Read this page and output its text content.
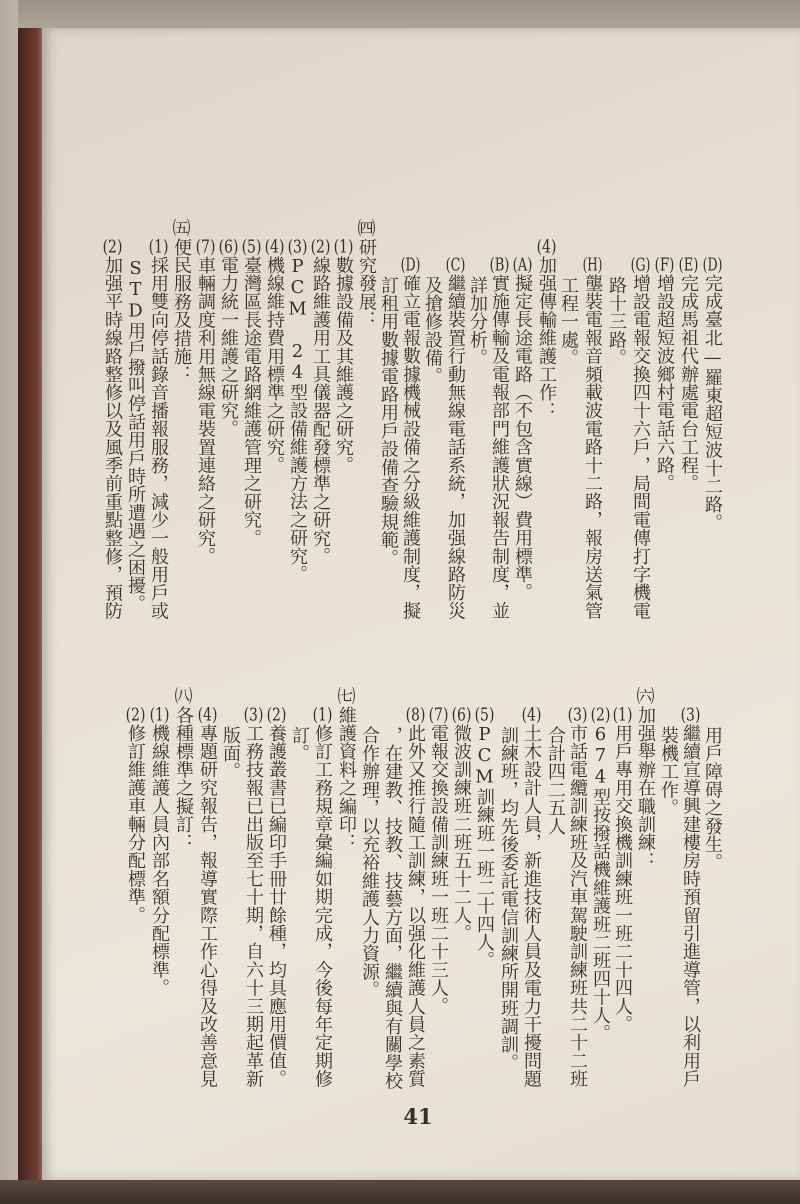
(D)完成臺北—羅東超短波十二路。
(E)完成馬祖代辦處電台工程。
(F)增設超短波鄉村電話六路。
(G)增設電報交換四十六戶，局間電傳打字機電
路十三路。
(H)壟裝電報音頻載波電路十二路，報房送氣管
工程一處。
(4)加强傳輸維護工作：
(A)擬定長途電路（不包含實線）費用標準。
(B)實施傳輸及電報部門維護狀況報告制度，並
詳加分析。
(C)繼續裝置行動無線電話系統，加强線路防災
及搶修設備。
(D)確立電報數據機械設備之分級維護制度，擬
訂租用數據電路用戶設備查驗規範。
㈣研究發展：
(1)數據設備及其維護之研究。
(2)線路維護用工具儀器配發標準之研究。
(3)PCM 24型設備維護方法之研究。
(4)機線維持費用標準之研究。
(5)臺灣區長途電路網維護管理之研究。
(6)電力統一維護之研究。
(7)車輛調度利用無線電裝置連絡之研究。
㈤便民服務及措施：
(1)採用雙向停話錄音播報服務，減少一般用戶或
STD用戶撥叫停話用戶時所遭遇之困擾。
(2)加强平時線路整修以及風季前重點整修，預防
用戶障碍之發生。
(3)繼續宣導興建樓房時預留引進導管，以利用戶
裝機工作。
㈥加强舉辦在職訓練：
(1)用戶專用交換機訓練班一班二十四人。
(2)674型按撥話機維護班二班四十人。
(3)市話電纜訓練班及汽車駕駛訓練班共二十二班
合計四二五人
(4)土木設計人員，新進技術人員及電力干擾問題
訓練班，均先後委託電信訓練所開班調訓。
(5)PCM訓練班一班二十四人。
(6)微波訓練班二班五十二人。
(7)電報交換設備訓練班一班二十三人。
(8)此外又推行隨工訓練，以强化維護人員之素質
，在建教、技教、技藝方面，繼續與有關學校
合作辦理，以充裕維護人力資源。
㈦維護資料之編印：
(1)修訂工務規章彙編如期完成，今後每年定期修
訂。
(2)養護叢書已編印手冊廿餘種，均具應用價值。
(3)工務技報已出版至七十期，自六十三期起革新
版面。
(4)專題研究報告，報導實際工作心得及改善意見
㈧各種標準之擬訂：
(1)機線維護人員內部名額分配標準。
(2)修訂維護車輛分配標準。
41
